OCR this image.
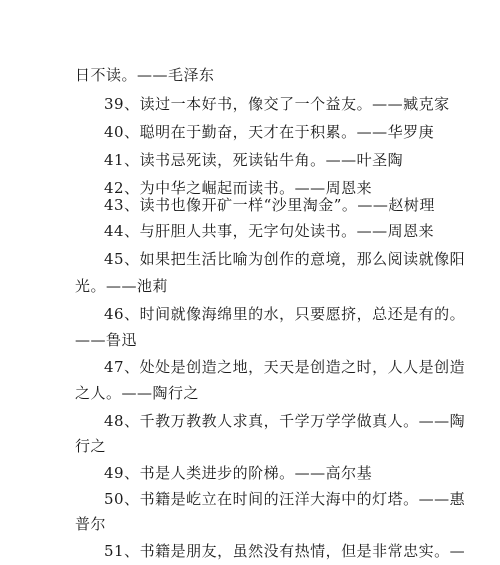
日不读。——毛泽东
39、读过一本好书，像交了一个益友。——臧克家
40、聪明在于勤奋，天才在于积累。——华罗庚
41、读书忌死读，死读钻牛角。——叶圣陶
42、为中华之崛起而读书。——周恩来
43、读书也像开矿一样“沙里淘金”。——赵树理
44、与肝胆人共事，无字句处读书。——周恩来
45、如果把生活比喻为创作的意境，那么阅读就像阳
光。——池莉
46、时间就像海绵里的水，只要愿挤，总还是有的。
——鲁迅
47、处处是创造之地，天天是创造之时，人人是创造
之人。——陶行之
48、千教万教教人求真，千学万学学做真人。——陶
行之
49、书是人类进步的阶梯。——高尔基
50、书籍是屹立在时间的汪洋大海中的灯塔。——惠
普尔
51、书籍是朋友，虽然没有热情，但是非常忠实。—
